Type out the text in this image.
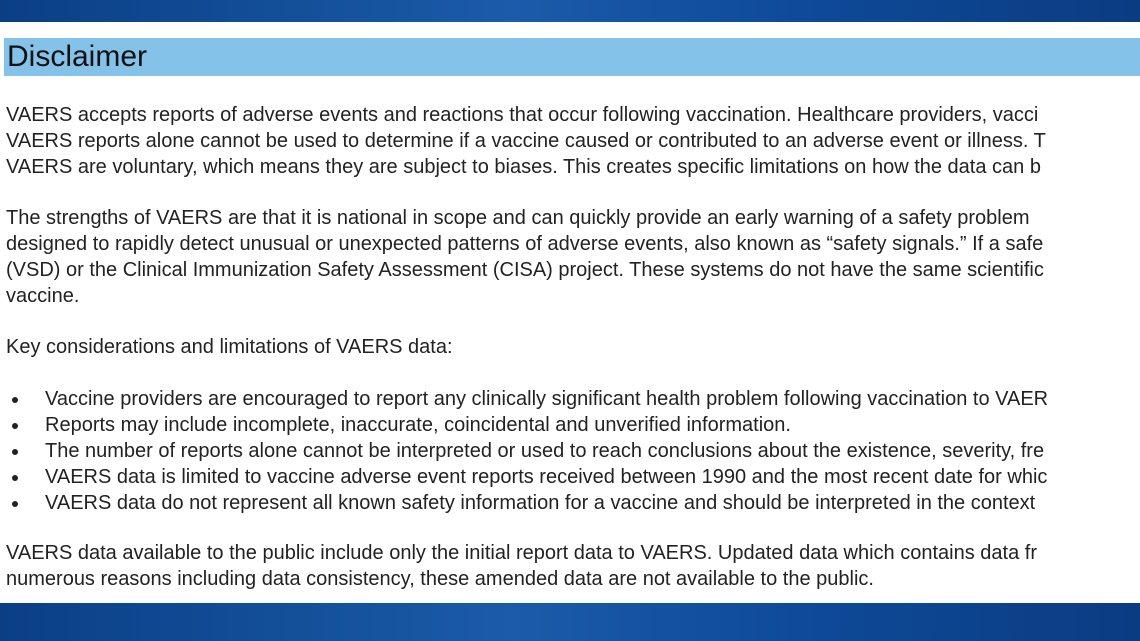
Disclaimer
VAERS accepts reports of adverse events and reactions that occur following vaccination. Healthcare providers, vacci
VAERS reports alone cannot be used to determine if a vaccine caused or contributed to an adverse event or illness. T
VAERS are voluntary, which means they are subject to biases. This creates specific limitations on how the data can b
The strengths of VAERS are that it is national in scope and can quickly provide an early warning of a safety problem
designed to rapidly detect unusual or unexpected patterns of adverse events, also known as “safety signals.” If a safe
(VSD) or the Clinical Immunization Safety Assessment (CISA) project. These systems do not have the same scientific
vaccine.
Key considerations and limitations of VAERS data:
Vaccine providers are encouraged to report any clinically significant health problem following vaccination to VAER
Reports may include incomplete, inaccurate, coincidental and unverified information.
The number of reports alone cannot be interpreted or used to reach conclusions about the existence, severity, fre
VAERS data is limited to vaccine adverse event reports received between 1990 and the most recent date for whic
VAERS data do not represent all known safety information for a vaccine and should be interpreted in the context
VAERS data available to the public include only the initial report data to VAERS. Updated data which contains data fr
numerous reasons including data consistency, these amended data are not available to the public.
